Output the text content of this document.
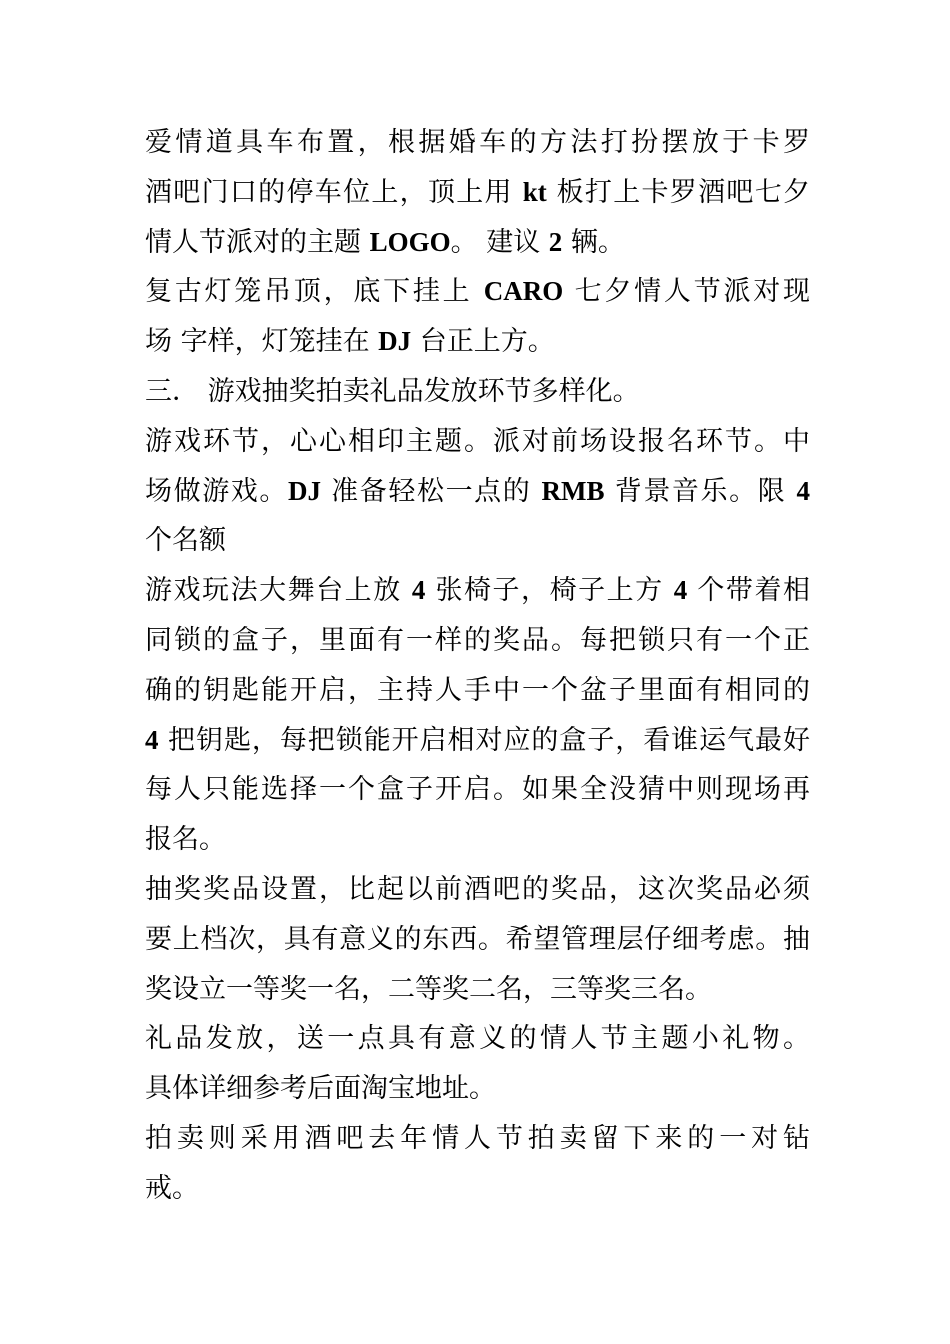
爱情道具车布置，根据婚车的方法打扮摆放于卡罗
酒吧门口的停车位上，顶上用 kt 板打上卡罗酒吧七夕
情人节派对的主题 LOGO。 建议 2 辆。
复古灯笼吊顶，底下挂上 CARO 七夕情人节派对现
场 字样，灯笼挂在 DJ 台正上方。
三． 游戏抽奖拍卖礼品发放环节多样化。
游戏环节，心心相印主题。派对前场设报名环节。中
场做游戏。DJ 准备轻松一点的 RMB 背景音乐。限 4
个名额
游戏玩法大舞台上放 4 张椅子，椅子上方 4 个带着相
同锁的盒子，里面有一样的奖品。每把锁只有一个正
确的钥匙能开启，主持人手中一个盆子里面有相同的
4 把钥匙，每把锁能开启相对应的盒子，看谁运气最好
每人只能选择一个盒子开启。如果全没猜中则现场再
报名。
抽奖奖品设置，比起以前酒吧的奖品，这次奖品必须
要上档次，具有意义的东西。希望管理层仔细考虑。抽
奖设立一等奖一名，二等奖二名，三等奖三名。
礼品发放，送一点具有意义的情人节主题小礼物。
具体详细参考后面淘宝地址。
拍卖则采用酒吧去年情人节拍卖留下来的一对钻
戒。
